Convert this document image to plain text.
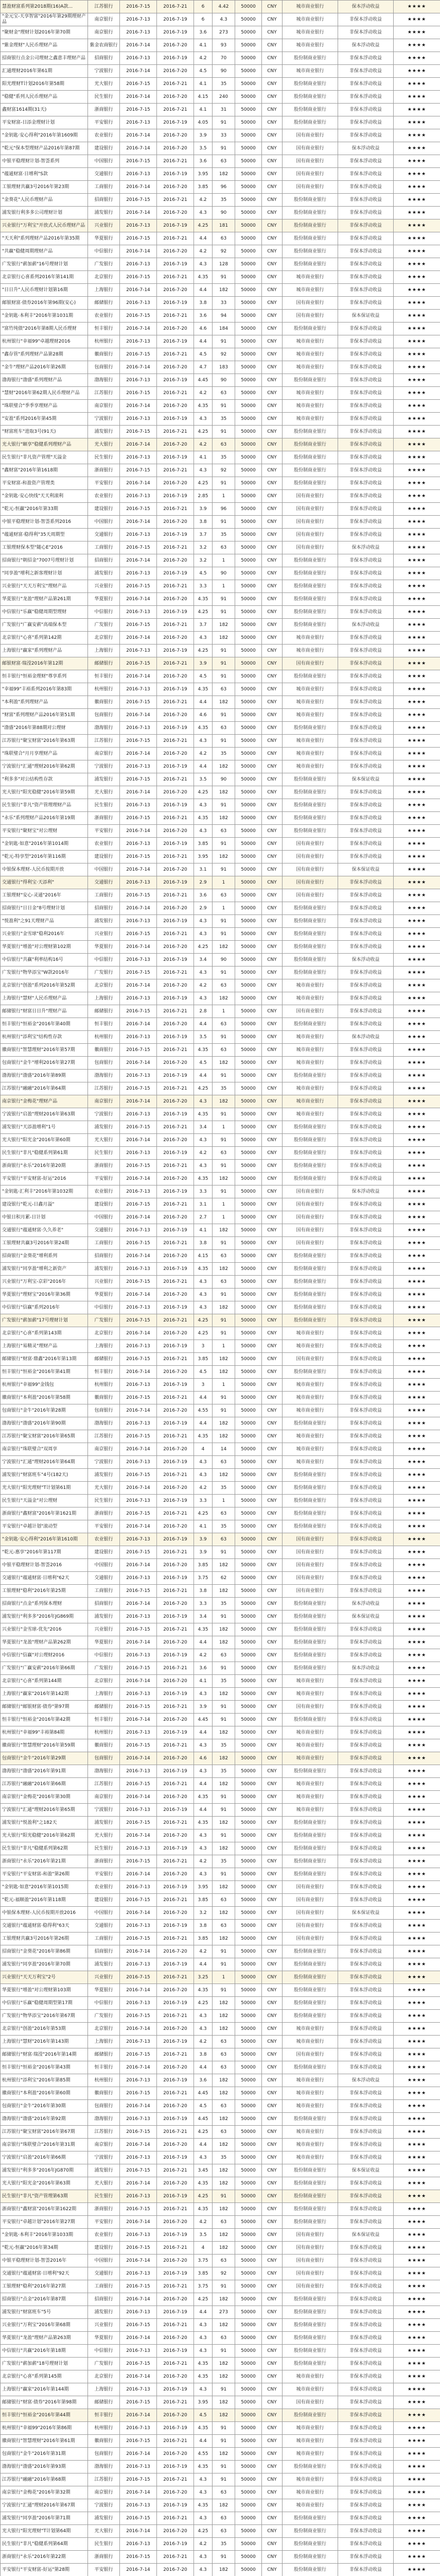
慧盈财富系列第2018期(16)A款...	江苏银行	2016-7-15	2016-7-21	6	4.42	50000	CNY	城市商业银行	保本浮动收益	★★★★
"金元宝-天享智富"2016年第29期理财产品	南京银行	2016-7-13	2016-7-19	6	4.3	50000	CNY	城市商业银行	非保本浮动收益	★★★★
"聚财金"理财计划2016年第70期	南京银行	2016-7-13	2016-7-19	3.6	273	50000	CNY	城市商业银行	非保本浮动收益	★★★★
"紫金理财"人民币理财产品	紫金农商银行	2016-7-14	2016-7-20	4.1	93	50000	CNY	城市商业银行	保本浮动收益	★★★★
招商银行点金公司理财之鑫意丰理财产品	招商银行	2016-7-13	2016-7-19	4.2	70	50000	CNY	股份制商业银行	非保本浮动收益	★★★★
汇通理财2016年第61期	宁波银行	2016-7-14	2016-7-20	4.5	90	50000	CNY	城市商业银行	非保本浮动收益	★★★★
阳光理财T计划2016年第58期	光大银行	2016-7-15	2016-7-21	4.1	35	50000	CNY	股份制商业银行	非保本浮动收益	★★★★
"稳健"系列人民币理财产品	民生银行	2016-7-14	2016-7-20	4.15	240	50000	CNY	股份制商业银行	非保本浮动收益	★★★★
鑫财富1614期(31天)	浙商银行	2016-7-15	2016-7-21	4.1	31	50000	CNY	股份制商业银行	非保本浮动收益	★★★★
平安财富-日添金理财计划	平安银行	2016-7-13	2016-7-19	4.05	91	50000	CNY	股份制商业银行	非保本浮动收益	★★★★
"金钥匙·安心得利"2016年第1609期	农业银行	2016-7-14	2016-7-20	3.9	33	50000	CNY	国有商业银行	非保本浮动收益	★★★★
"乾元"保本型理财产品2016年第87期	建设银行	2016-7-14	2016-7-20	3.5	91	50000	CNY	国有商业银行	保本浮动收益	★★★★
中银平稳理财计划-智荟系列	中国银行	2016-7-15	2016-7-21	3.6	63	50000	CNY	国有商业银行	非保本浮动收益	★★★★
"蕴通财富·日增利"S款	交通银行	2016-7-13	2016-7-19	3.95	182	50000	CNY	国有商业银行	非保本浮动收益	★★★★
工银理财共赢3号2016年第23期	工商银行	2016-7-14	2016-7-20	3.85	96	50000	CNY	国有商业银行	非保本浮动收益	★★★★
"金葵花"人民币理财产品	招商银行	2016-7-15	2016-7-21	4.2	35	50000	CNY	股份制商业银行	非保本浮动收益	★★★★
浦发银行利多多公司理财计划	浦发银行	2016-7-14	2016-7-20	4.3	90	50000	CNY	股份制商业银行	非保本浮动收益	★★★★
兴业银行"万利宝"开放式人民币理财产品	兴业银行	2016-7-13	2016-7-19	4.25	181	50000	CNY	股份制商业银行	非保本浮动收益	★★★★
"天天利"系列理财产品2016年第35期	华夏银行	2016-7-15	2016-7-21	4.4	63	50000	CNY	股份制商业银行	非保本浮动收益	★★★★
"共赢"稳健周期理财产品	中信银行	2016-7-14	2016-7-20	4.2	92	50000	CNY	股份制商业银行	非保本浮动收益	★★★★
广发银行"薪加薪"16号理财计划	广发银行	2016-7-13	2016-7-19	4.3	128	50000	CNY	股份制商业银行	非保本浮动收益	★★★★
北京银行心喜系列2016年第141期	北京银行	2016-7-15	2016-7-21	4.35	91	50000	CNY	城市商业银行	非保本浮动收益	★★★★
"日日升"人民币理财计划第16期	上海银行	2016-7-14	2016-7-20	4.4	182	50000	CNY	城市商业银行	非保本浮动收益	★★★★
邮银财富·债券2016年第96期(安心)	邮储银行	2016-7-13	2016-7-19	3.8	33	50000	CNY	国有商业银行	非保本浮动收益	★★★★
"金钥匙·本利丰"2016年第1031期	农业银行	2016-7-15	2016-7-21	3.6	94	50000	CNY	国有商业银行	保本保证收益	★★★★
"富竹纯债"2016年第8期人民币理财	恒丰银行	2016-7-14	2016-7-20	4.6	184	50000	CNY	股份制商业银行	非保本浮动收益	★★★★
杭州银行"幸福99"卓越理财2016	杭州银行	2016-7-13	2016-7-19	4.4	91	50000	CNY	城市商业银行	非保本浮动收益	★★★★
"鑫存管"系列理财产品第28期	徽商银行	2016-7-15	2016-7-21	4.5	92	50000	CNY	城市商业银行	非保本浮动收益	★★★★
"金牛"理财产品2016年第26期	包商银行	2016-7-14	2016-7-20	4.7	183	50000	CNY	城市商业银行	非保本浮动收益	★★★★
渤海银行"渤盛"系列理财产品	渤海银行	2016-7-13	2016-7-19	4.45	90	50000	CNY	股份制商业银行	非保本浮动收益	★★★★
"慧财"2016年第62期人民币理财产品	江苏银行	2016-7-15	2016-7-21	4.2	63	50000	CNY	城市商业银行	非保本浮动收益	★★★★
"珠联璧合"季季享理财产品	南京银行	2016-7-14	2016-7-20	4.35	91	50000	CNY	城市商业银行	非保本浮动收益	★★★★
"安盈"系列2016年第45期	宁波银行	2016-7-13	2016-7-19	4.3	35	50000	CNY	城市商业银行	非保本浮动收益	★★★★
"财富班车"进取3号(91天)	浦发银行	2016-7-15	2016-7-21	4.25	91	50000	CNY	股份制商业银行	非保本浮动收益	★★★★
光大银行"颐享"稳健系列理财产品	光大银行	2016-7-14	2016-7-20	4.2	63	50000	CNY	股份制商业银行	非保本浮动收益	★★★★
民生银行"非凡资产管理"天溢金	民生银行	2016-7-13	2016-7-19	4.1	35	50000	CNY	股份制商业银行	非保本浮动收益	★★★★
"鑫财富"2016年第1618期	浙商银行	2016-7-15	2016-7-21	4.3	92	50000	CNY	股份制商业银行	非保本浮动收益	★★★★
平安财富-和盈资产管理类	平安银行	2016-7-14	2016-7-20	4.25	91	50000	CNY	股份制商业银行	非保本浮动收益	★★★★
"金钥匙·安心快线"天天利滚利	农业银行	2016-7-13	2016-7-19	2.85	1	50000	CNY	国有商业银行	非保本浮动收益	★★★★
"乾元-恒赢"2016年第33期	建设银行	2016-7-15	2016-7-21	3.9	96	50000	CNY	国有商业银行	非保本浮动收益	★★★★
中银平稳理财计划-智荟系列2016	中国银行	2016-7-14	2016-7-20	3.8	91	50000	CNY	国有商业银行	非保本浮动收益	★★★★
"蕴通财富·稳得利"35天周期型	交通银行	2016-7-13	2016-7-19	3.7	35	50000	CNY	国有商业银行	非保本浮动收益	★★★★
工银理财保本型"随心E"2016	工商银行	2016-7-15	2016-7-21	3.2	63	50000	CNY	国有商业银行	保本浮动收益	★★★★
招商银行"朝招金"7007号理财计划	招商银行	2016-7-14	2016-7-20	3.2	1	50000	CNY	股份制商业银行	非保本浮动收益	★★★★
"同享盈"增利之新客理财计划	浦发银行	2016-7-13	2016-7-19	4.5	90	50000	CNY	股份制商业银行	非保本浮动收益	★★★★
兴业银行"天天万利宝"理财产品	兴业银行	2016-7-15	2016-7-21	3.3	1	50000	CNY	股份制商业银行	非保本浮动收益	★★★★
华夏银行"龙盈"理财产品第261期	华夏银行	2016-7-14	2016-7-20	4.35	91	50000	CNY	股份制商业银行	非保本浮动收益	★★★★
中信银行"乐赢"稳健周期型理财	中信银行	2016-7-13	2016-7-19	4.25	91	50000	CNY	股份制商业银行	非保本浮动收益	★★★★
广发银行"广赢安薪"高端保本型	广发银行	2016-7-15	2016-7-21	3.7	182	50000	CNY	股份制商业银行	保本浮动收益	★★★★
北京银行"心喜"系列第142期	北京银行	2016-7-14	2016-7-20	4.3	182	50000	CNY	城市商业银行	非保本浮动收益	★★★★
上海银行"赢家"系列理财产品	上海银行	2016-7-13	2016-7-19	4.25	91	50000	CNY	城市商业银行	非保本浮动收益	★★★★
邮银财富·瑞滢2016年第12期	邮储银行	2016-7-15	2016-7-21	3.9	91	50000	CNY	国有商业银行	非保本浮动收益	★★★★
恒丰银行"恒裕金理财"尊享系列	恒丰银行	2016-7-14	2016-7-20	4.5	91	50000	CNY	股份制商业银行	非保本浮动收益	★★★★
"幸福99"丰裕系列2016年第83期	杭州银行	2016-7-13	2016-7-19	4.35	63	50000	CNY	城市商业银行	非保本浮动收益	★★★★
"本利盈"系列理财产品	徽商银行	2016-7-15	2016-7-21	4.4	182	50000	CNY	城市商业银行	非保本浮动收益	★★★★
"财富"系列理财产品2016年第51期	包商银行	2016-7-14	2016-7-20	4.6	91	50000	CNY	城市商业银行	非保本浮动收益	★★★★
"渤盛"2016年第88期对公理财	渤海银行	2016-7-13	2016-7-19	4.35	63	50000	CNY	股份制商业银行	非保本浮动收益	★★★★
江苏银行"聚宝财富"2016年第63期	江苏银行	2016-7-15	2016-7-21	4.3	91	50000	CNY	城市商业银行	非保本浮动收益	★★★★
"珠联璧合"月月享理财产品	南京银行	2016-7-14	2016-7-20	4.2	35	50000	CNY	城市商业银行	非保本浮动收益	★★★★
宁波银行"汇通"理财2016年第62期	宁波银行	2016-7-13	2016-7-19	4.4	182	50000	CNY	城市商业银行	非保本浮动收益	★★★★
"利多多"对公结构性存款	浦发银行	2016-7-15	2016-7-21	3.5	90	50000	CNY	股份制商业银行	保本保证收益	★★★★
光大银行"阳光稳健"2016年第59期	光大银行	2016-7-14	2016-7-20	4.25	182	50000	CNY	股份制商业银行	非保本浮动收益	★★★★
民生银行"非凡"资产管理理财产品	民生银行	2016-7-13	2016-7-19	4.3	91	50000	CNY	股份制商业银行	非保本浮动收益	★★★★
"永乐"系列理财产品2016年第19期	浙商银行	2016-7-15	2016-7-21	4.35	182	50000	CNY	股份制商业银行	非保本浮动收益	★★★★
平安银行"聚财宝"对公理财	平安银行	2016-7-14	2016-7-20	4.3	63	50000	CNY	股份制商业银行	非保本浮动收益	★★★★
"金钥匙·如意"2016年第1014期	农业银行	2016-7-13	2016-7-19	3.85	91	50000	CNY	国有商业银行	非保本浮动收益	★★★★
"乾元-特享型"2016年第116期	建设银行	2016-7-15	2016-7-21	3.95	182	50000	CNY	国有商业银行	非保本浮动收益	★★★★
中银保本理财-人民币按期开放	中国银行	2016-7-14	2016-7-20	3.1	91	50000	CNY	国有商业银行	保本保证收益	★★★★
交通银行"得利宝·天添利"	交通银行	2016-7-13	2016-7-19	2.9	1	50000	CNY	国有商业银行	非保本浮动收益	★★★★
工银理财"安心·灵通"2016年	工商银行	2016-7-15	2016-7-21	3.6	63	50000	CNY	国有商业银行	非保本浮动收益	★★★★
招商银行"日日金"8号理财计划	招商银行	2016-7-14	2016-7-20	2.9	1	50000	CNY	股份制商业银行	非保本浮动收益	★★★★
"悦盈利"之91天理财产品	浦发银行	2016-7-13	2016-7-19	4.3	91	50000	CNY	股份制商业银行	非保本浮动收益	★★★★
兴业银行"金雪球"稳利2016年	兴业银行	2016-7-15	2016-7-21	4.3	91	50000	CNY	股份制商业银行	非保本浮动收益	★★★★
华夏银行"增盈"对公理财第102期	华夏银行	2016-7-14	2016-7-20	4.25	182	50000	CNY	股份制商业银行	非保本浮动收益	★★★★
中信银行"共赢"利率结构16号	中信银行	2016-7-13	2016-7-19	3.4	90	50000	CNY	股份制商业银行	保本浮动收益	★★★★
广发银行"物华添宝"W款2016年	广发银行	2016-7-15	2016-7-21	4.3	91	50000	CNY	股份制商业银行	非保本浮动收益	★★★★
北京银行"创盈"系列2016年第52期	北京银行	2016-7-14	2016-7-20	4.2	63	50000	CNY	城市商业银行	非保本浮动收益	★★★★
上海银行"慧财"人民币理财产品	上海银行	2016-7-13	2016-7-19	4.3	182	50000	CNY	城市商业银行	非保本浮动收益	★★★★
邮储银行"财富日日升"理财产品	邮储银行	2016-7-15	2016-7-21	2.8	1	50000	CNY	国有商业银行	非保本浮动收益	★★★★
恒丰银行"恒裕金"2016年第40期	恒丰银行	2016-7-14	2016-7-20	4.4	63	50000	CNY	股份制商业银行	非保本浮动收益	★★★★
杭州银行"添利宝"结构性存款	杭州银行	2016-7-13	2016-7-19	3.5	91	50000	CNY	城市商业银行	保本浮动收益	★★★★
徽商银行"智慧理财"2016年第57期	徽商银行	2016-7-15	2016-7-21	4.35	63	50000	CNY	城市商业银行	非保本浮动收益	★★★★
包商银行"金牛"增利2016年第27期	包商银行	2016-7-14	2016-7-20	4.5	182	50000	CNY	城市商业银行	非保本浮动收益	★★★★
渤海银行"渤盛"2016年第89期	渤海银行	2016-7-13	2016-7-19	4.4	91	50000	CNY	股份制商业银行	非保本浮动收益	★★★★
江苏银行"融融"2016年第64期	江苏银行	2016-7-15	2016-7-21	4.25	35	50000	CNY	城市商业银行	非保本浮动收益	★★★★
南京银行"金梅花"理财产品	南京银行	2016-7-14	2016-7-20	4.3	182	50000	CNY	城市商业银行	非保本浮动收益	★★★★
宁波银行"启盈"理财2016年第63期	宁波银行	2016-7-13	2016-7-19	4.35	91	50000	CNY	城市商业银行	非保本浮动收益	★★★★
浦发银行"天添盈增利"1号	浦发银行	2016-7-15	2016-7-21	3.4	1	50000	CNY	股份制商业银行	非保本浮动收益	★★★★
光大银行"阳光金"2016年第60期	光大银行	2016-7-14	2016-7-20	4.3	91	50000	CNY	股份制商业银行	非保本浮动收益	★★★★
民生银行"非凡"稳健系列第61期	民生银行	2016-7-13	2016-7-19	4.2	63	50000	CNY	股份制商业银行	非保本浮动收益	★★★★
浙商银行"永乐"2016年第20期	浙商银行	2016-7-15	2016-7-21	4.3	91	50000	CNY	股份制商业银行	非保本浮动收益	★★★★
平安银行"平安财富-好运"2016	平安银行	2016-7-14	2016-7-20	4.35	182	50000	CNY	股份制商业银行	非保本浮动收益	★★★★
"金钥匙·汇利丰"2016年第1032期	农业银行	2016-7-13	2016-7-19	3.3	91	50000	CNY	国有商业银行	保本浮动收益	★★★★
建设银行"乾元-日鑫月溢"	建设银行	2016-7-15	2016-7-21	3.1	1	50000	CNY	国有商业银行	非保本浮动收益	★★★★
中银日积月累-日计划	中国银行	2016-7-14	2016-7-20	2.7	1	50000	CNY	国有商业银行	非保本浮动收益	★★★★
交通银行"蕴通财富·久久养老"	交通银行	2016-7-13	2016-7-19	4.1	182	50000	CNY	国有商业银行	非保本浮动收益	★★★★
工银理财共赢3号2016年第24期	工商银行	2016-7-15	2016-7-21	3.8	91	50000	CNY	国有商业银行	非保本浮动收益	★★★★
招商银行"金葵花"增利系列	招商银行	2016-7-14	2016-7-20	4.15	63	50000	CNY	股份制商业银行	非保本浮动收益	★★★★
浦发银行"同享盈"增利之新资产	浦发银行	2016-7-13	2016-7-19	4.35	182	50000	CNY	股份制商业银行	非保本浮动收益	★★★★
兴业银行"万利宝-京彩"2016年	兴业银行	2016-7-15	2016-7-21	4.3	63	50000	CNY	股份制商业银行	非保本浮动收益	★★★★
华夏银行"理财宝"2016年第36期	华夏银行	2016-7-14	2016-7-20	4.3	91	50000	CNY	股份制商业银行	非保本浮动收益	★★★★
中信银行"信赢"系列2016年	中信银行	2016-7-13	2016-7-19	4.3	182	50000	CNY	股份制商业银行	非保本浮动收益	★★★★
广发银行"薪加薪"17号理财计划	广发银行	2016-7-15	2016-7-21	4.25	91	50000	CNY	股份制商业银行	非保本浮动收益	★★★★
北京银行"心喜"系列第143期	北京银行	2016-7-14	2016-7-20	4.25	91	50000	CNY	城市商业银行	非保本浮动收益	★★★★
上海银行"易精灵"理财产品	上海银行	2016-7-13	2016-7-19	3	1	50000	CNY	城市商业银行	非保本浮动收益	★★★★
邮储银行"财富·鼎鑫"2016年第13期	邮储银行	2016-7-15	2016-7-21	3.85	182	50000	CNY	国有商业银行	非保本浮动收益	★★★★
恒丰银行"恒裕金"2016年第41期	恒丰银行	2016-7-14	2016-7-20	4.5	182	50000	CNY	股份制商业银行	非保本浮动收益	★★★★
杭州银行"幸福99"金钱包	杭州银行	2016-7-13	2016-7-19	3	1	50000	CNY	城市商业银行	非保本浮动收益	★★★★
徽商银行"本利盈"2016年第58期	徽商银行	2016-7-15	2016-7-21	4.4	91	50000	CNY	城市商业银行	非保本浮动收益	★★★★
包商银行"金牛"2016年第28期	包商银行	2016-7-14	2016-7-20	4.55	91	50000	CNY	城市商业银行	非保本浮动收益	★★★★
渤海银行"渤盛"2016年第90期	渤海银行	2016-7-13	2016-7-19	4.4	182	50000	CNY	股份制商业银行	非保本浮动收益	★★★★
江苏银行"聚宝财富"2016年第65期	江苏银行	2016-7-15	2016-7-21	4.35	182	50000	CNY	城市商业银行	非保本浮动收益	★★★★
南京银行"珠联璧合"双周享	南京银行	2016-7-14	2016-7-20	4	14	50000	CNY	城市商业银行	非保本浮动收益	★★★★
宁波银行"汇通"理财2016年第64期	宁波银行	2016-7-13	2016-7-19	4.3	63	50000	CNY	城市商业银行	非保本浮动收益	★★★★
浦发银行"财富班车"4号(182天)	浦发银行	2016-7-15	2016-7-21	4.3	182	50000	CNY	股份制商业银行	非保本浮动收益	★★★★
光大银行"阳光理财"T计划第61期	光大银行	2016-7-14	2016-7-20	4.2	35	50000	CNY	股份制商业银行	非保本浮动收益	★★★★
民生银行"天溢金"对公理财	民生银行	2016-7-13	2016-7-19	3.3	1	50000	CNY	股份制商业银行	非保本浮动收益	★★★★
浙商银行"鑫财富"2016年第1621期	浙商银行	2016-7-15	2016-7-21	4.25	63	50000	CNY	股份制商业银行	非保本浮动收益	★★★★
平安银行"卓越计划"滚动型	平安银行	2016-7-14	2016-7-20	4.1	35	50000	CNY	股份制商业银行	非保本浮动收益	★★★★
"金钥匙·安心得利"2016年第1610期	农业银行	2016-7-13	2016-7-19	3.9	63	50000	CNY	国有商业银行	非保本浮动收益	★★★★
"乾元-惠享"2016年第117期	建设银行	2016-7-15	2016-7-21	3.9	91	50000	CNY	国有商业银行	非保本浮动收益	★★★★
中银平稳理财计划-智荟2016	中国银行	2016-7-14	2016-7-20	3.85	182	50000	CNY	国有商业银行	非保本浮动收益	★★★★
交通银行"蕴通财富·日增利"62天	交通银行	2016-7-13	2016-7-19	3.75	62	50000	CNY	国有商业银行	非保本浮动收益	★★★★
工银理财"稳利"2016年第25期	工商银行	2016-7-15	2016-7-21	3.8	182	50000	CNY	国有商业银行	非保本浮动收益	★★★★
招商银行"点金"系列保本理财	招商银行	2016-7-14	2016-7-20	3.3	35	50000	CNY	股份制商业银行	保本浮动收益	★★★★
浦发银行"利多多"2016年JG869期	浦发银行	2016-7-13	2016-7-19	3.4	91	50000	CNY	股份制商业银行	保本保证收益	★★★★
兴业银行"金雪球-优先"2016	兴业银行	2016-7-15	2016-7-21	4.35	182	50000	CNY	股份制商业银行	非保本浮动收益	★★★★
华夏银行"龙盈"理财产品第262期	华夏银行	2016-7-14	2016-7-20	4.4	182	50000	CNY	股份制商业银行	非保本浮动收益	★★★★
中信银行"信赢"对公理财2016	中信银行	2016-7-13	2016-7-19	4.2	63	50000	CNY	股份制商业银行	非保本浮动收益	★★★★
广发银行"广赢安薪"2016年第66期	广发银行	2016-7-15	2016-7-21	3.6	91	50000	CNY	股份制商业银行	保本浮动收益	★★★★
北京银行"心喜"系列第144期	北京银行	2016-7-14	2016-7-20	4.1	35	50000	CNY	城市商业银行	非保本浮动收益	★★★★
上海银行"赢家"2016年第142期	上海银行	2016-7-13	2016-7-19	4.3	182	50000	CNY	城市商业银行	非保本浮动收益	★★★★
邮储银行"邮银财富·债券"第97期	邮储银行	2016-7-15	2016-7-21	3.9	91	50000	CNY	国有商业银行	非保本浮动收益	★★★★
恒丰银行"恒裕金"2016年第42期	恒丰银行	2016-7-14	2016-7-20	4.45	91	50000	CNY	股份制商业银行	非保本浮动收益	★★★★
杭州银行"幸福99"丰裕第84期	杭州银行	2016-7-13	2016-7-19	4.4	182	50000	CNY	城市商业银行	非保本浮动收益	★★★★
徽商银行"智慧理财"2016年第59期	徽商银行	2016-7-15	2016-7-21	4.3	35	50000	CNY	城市商业银行	非保本浮动收益	★★★★
包商银行"金牛"2016年第29期	包商银行	2016-7-14	2016-7-20	4.6	182	50000	CNY	城市商业银行	非保本浮动收益	★★★★
渤海银行"渤盛"2016年第91期	渤海银行	2016-7-13	2016-7-19	4.3	35	50000	CNY	股份制商业银行	非保本浮动收益	★★★★
江苏银行"融融"2016年第66期	江苏银行	2016-7-15	2016-7-21	4.4	182	50000	CNY	城市商业银行	非保本浮动收益	★★★★
南京银行"金梅花"2016年第30期	南京银行	2016-7-14	2016-7-20	4.35	91	50000	CNY	城市商业银行	非保本浮动收益	★★★★
宁波银行"汇通"理财2016年第65期	宁波银行	2016-7-13	2016-7-19	4.4	91	50000	CNY	城市商业银行	非保本浮动收益	★★★★
浦发银行"悦盈利"之182天	浦发银行	2016-7-15	2016-7-21	4.35	182	50000	CNY	股份制商业银行	非保本浮动收益	★★★★
光大银行"阳光稳健"2016年第62期	光大银行	2016-7-14	2016-7-20	4.3	91	50000	CNY	股份制商业银行	非保本浮动收益	★★★★
民生银行"非凡"稳健系列第62期	民生银行	2016-7-13	2016-7-19	4.3	182	50000	CNY	股份制商业银行	非保本浮动收益	★★★★
浙商银行"永乐"2016年第21期	浙商银行	2016-7-15	2016-7-21	4.2	35	50000	CNY	股份制商业银行	非保本浮动收益	★★★★
平安银行"平安财富-和盈"第26期	平安银行	2016-7-14	2016-7-20	4.3	91	50000	CNY	股份制商业银行	非保本浮动收益	★★★★
"金钥匙·如意"2016年第1015期	农业银行	2016-7-13	2016-7-19	3.95	182	50000	CNY	国有商业银行	非保本浮动收益	★★★★
"乾元-福顺盈"2016年第118期	建设银行	2016-7-15	2016-7-21	3.85	63	50000	CNY	国有商业银行	非保本浮动收益	★★★★
中银保本理财-人民币按期开放2016	中国银行	2016-7-14	2016-7-20	3.2	182	50000	CNY	国有商业银行	保本保证收益	★★★★
交通银行"蕴通财富·稳得利"63天	交通银行	2016-7-13	2016-7-19	3.8	63	50000	CNY	国有商业银行	非保本浮动收益	★★★★
工银理财共赢3号2016年第26期	工商银行	2016-7-15	2016-7-21	3.85	182	50000	CNY	国有商业银行	非保本浮动收益	★★★★
招商银行"金葵花"2016年第86期	招商银行	2016-7-14	2016-7-20	4.2	91	50000	CNY	股份制商业银行	非保本浮动收益	★★★★
浦发银行"同享盈"2016年第70期	浦发银行	2016-7-13	2016-7-19	4.4	91	50000	CNY	股份制商业银行	非保本浮动收益	★★★★
兴业银行"天天万利宝"2号	兴业银行	2016-7-15	2016-7-21	3.25	1	50000	CNY	股份制商业银行	非保本浮动收益	★★★★
华夏银行"增盈"对公理财第103期	华夏银行	2016-7-14	2016-7-20	4.35	91	50000	CNY	股份制商业银行	非保本浮动收益	★★★★
中信银行"乐赢"稳健周期型第17期	中信银行	2016-7-13	2016-7-19	4.25	182	50000	CNY	股份制商业银行	非保本浮动收益	★★★★
广发银行"物华添宝"2016年第67期	广发银行	2016-7-15	2016-7-21	4.3	182	50000	CNY	股份制商业银行	非保本浮动收益	★★★★
北京银行"创盈"2016年第53期	北京银行	2016-7-14	2016-7-20	4.3	182	50000	CNY	城市商业银行	非保本浮动收益	★★★★
上海银行"慧财"2016年第143期	上海银行	2016-7-13	2016-7-19	4.2	63	50000	CNY	城市商业银行	非保本浮动收益	★★★★
邮储银行"财富·瑞滢"2016年第14期	邮储银行	2016-7-15	2016-7-21	3.8	63	50000	CNY	国有商业银行	非保本浮动收益	★★★★
恒丰银行"恒裕金"2016年第43期	恒丰银行	2016-7-14	2016-7-20	4.4	63	50000	CNY	股份制商业银行	非保本浮动收益	★★★★
杭州银行"添利宝"2016年第85期	杭州银行	2016-7-13	2016-7-19	3.6	182	50000	CNY	城市商业银行	保本浮动收益	★★★★
徽商银行"本利盈"2016年第60期	徽商银行	2016-7-15	2016-7-21	4.45	182	50000	CNY	城市商业银行	非保本浮动收益	★★★★
包商银行"金牛"2016年第30期	包商银行	2016-7-14	2016-7-20	4.5	63	50000	CNY	城市商业银行	非保本浮动收益	★★★★
渤海银行"渤盛"2016年第92期	渤海银行	2016-7-13	2016-7-19	4.45	182	50000	CNY	股份制商业银行	非保本浮动收益	★★★★
江苏银行"聚宝财富"2016年第67期	江苏银行	2016-7-15	2016-7-21	4.25	63	50000	CNY	城市商业银行	非保本浮动收益	★★★★
南京银行"珠联璧合"2016年第31期	南京银行	2016-7-14	2016-7-20	4.4	182	50000	CNY	城市商业银行	非保本浮动收益	★★★★
宁波银行"启盈"2016年第66期	宁波银行	2016-7-13	2016-7-19	4.3	35	50000	CNY	城市商业银行	非保本浮动收益	★★★★
浦发银行"利多多"2016年JG870期	浦发银行	2016-7-15	2016-7-21	3.45	182	50000	CNY	股份制商业银行	保本保证收益	★★★★
光大银行"阳光金"2016年第63期	光大银行	2016-7-14	2016-7-20	4.35	182	50000	CNY	股份制商业银行	非保本浮动收益	★★★★
民生银行"非凡"资产管理第63期	民生银行	2016-7-13	2016-7-19	4.25	91	50000	CNY	股份制商业银行	非保本浮动收益	★★★★
浙商银行"鑫财富"2016年第1622期	浙商银行	2016-7-15	2016-7-21	4.35	182	50000	CNY	股份制商业银行	非保本浮动收益	★★★★
平安银行"卓越计划"2016年第27期	平安银行	2016-7-14	2016-7-20	4.2	63	50000	CNY	股份制商业银行	非保本浮动收益	★★★★
"金钥匙·本利丰"2016年第1033期	农业银行	2016-7-13	2016-7-19	3.5	182	50000	CNY	国有商业银行	保本保证收益	★★★★
"乾元-恒赢"2016年第34期	建设银行	2016-7-15	2016-7-21	4	182	50000	CNY	国有商业银行	非保本浮动收益	★★★★
中银平稳理财计划-智荟2016年	中国银行	2016-7-14	2016-7-20	3.75	63	50000	CNY	国有商业银行	非保本浮动收益	★★★★
交通银行"蕴通财富·日增利"92天	交通银行	2016-7-13	2016-7-19	3.85	92	50000	CNY	国有商业银行	非保本浮动收益	★★★★
工银理财"稳利"2016年第27期	工商银行	2016-7-15	2016-7-21	3.75	91	50000	CNY	国有商业银行	非保本浮动收益	★★★★
招商银行"点金"2016年第87期	招商银行	2016-7-14	2016-7-20	4.25	182	50000	CNY	股份制商业银行	非保本浮动收益	★★★★
浦发银行"财富班车"5号	浦发银行	2016-7-13	2016-7-19	4.4	273	50000	CNY	股份制商业银行	非保本浮动收益	★★★★
兴业银行"万利宝"2016年第68期	兴业银行	2016-7-15	2016-7-21	4.3	182	50000	CNY	股份制商业银行	非保本浮动收益	★★★★
华夏银行"龙盈"理财产品第263期	华夏银行	2016-7-14	2016-7-20	4.3	63	50000	CNY	股份制商业银行	非保本浮动收益	★★★★
中信银行"共赢"2016年第18期	中信银行	2016-7-13	2016-7-19	4.3	91	50000	CNY	股份制商业银行	非保本浮动收益	★★★★
广发银行"薪加薪"18号理财计划	广发银行	2016-7-15	2016-7-21	4.35	182	50000	CNY	股份制商业银行	非保本浮动收益	★★★★
北京银行"心喜"系列第145期	北京银行	2016-7-14	2016-7-20	4.35	182	50000	CNY	城市商业银行	非保本浮动收益	★★★★
上海银行"赢家"2016年第144期	上海银行	2016-7-13	2016-7-19	4.3	91	50000	CNY	城市商业银行	非保本浮动收益	★★★★
邮储银行"财富·债券"2016年第98期	邮储银行	2016-7-15	2016-7-21	3.95	182	50000	CNY	国有商业银行	非保本浮动收益	★★★★
恒丰银行"恒裕金"2016年第44期	恒丰银行	2016-7-14	2016-7-20	4.5	182	50000	CNY	股份制商业银行	非保本浮动收益	★★★★
杭州银行"幸福99"2016年第86期	杭州银行	2016-7-13	2016-7-19	4.35	91	50000	CNY	城市商业银行	非保本浮动收益	★★★★
徽商银行"智慧理财"2016年第61期	徽商银行	2016-7-15	2016-7-21	4.4	91	50000	CNY	城市商业银行	非保本浮动收益	★★★★
包商银行"金牛"2016年第31期	包商银行	2016-7-14	2016-7-20	4.55	182	50000	CNY	城市商业银行	非保本浮动收益	★★★★
渤海银行"渤盛"2016年第93期	渤海银行	2016-7-13	2016-7-19	4.35	91	50000	CNY	股份制商业银行	非保本浮动收益	★★★★
江苏银行"融融"2016年第68期	江苏银行	2016-7-15	2016-7-21	4.3	91	50000	CNY	城市商业银行	非保本浮动收益	★★★★
南京银行"金梅花"2016年第32期	南京银行	2016-7-14	2016-7-20	4.3	63	50000	CNY	城市商业银行	非保本浮动收益	★★★★
宁波银行"汇通"理财2016年第67期	宁波银行	2016-7-13	2016-7-19	4.35	182	50000	CNY	城市商业银行	非保本浮动收益	★★★★
浦发银行"同享盈"2016年第71期	浦发银行	2016-7-15	2016-7-21	4.3	63	50000	CNY	股份制商业银行	非保本浮动收益	★★★★
光大银行"阳光理财"T计划第64期	光大银行	2016-7-14	2016-7-20	4.25	63	50000	CNY	股份制商业银行	非保本浮动收益	★★★★
民生银行"非凡"稳健系列第64期	民生银行	2016-7-13	2016-7-19	4.2	35	50000	CNY	股份制商业银行	非保本浮动收益	★★★★
浙商银行"永乐"2016年第22期	浙商银行	2016-7-15	2016-7-21	4.3	91	50000	CNY	股份制商业银行	非保本浮动收益	★★★★
平安银行"平安财富-好运"第28期	平安银行	2016-7-14	2016-7-20	4.3	182	50000	CNY	股份制商业银行	非保本浮动收益	★★★★
